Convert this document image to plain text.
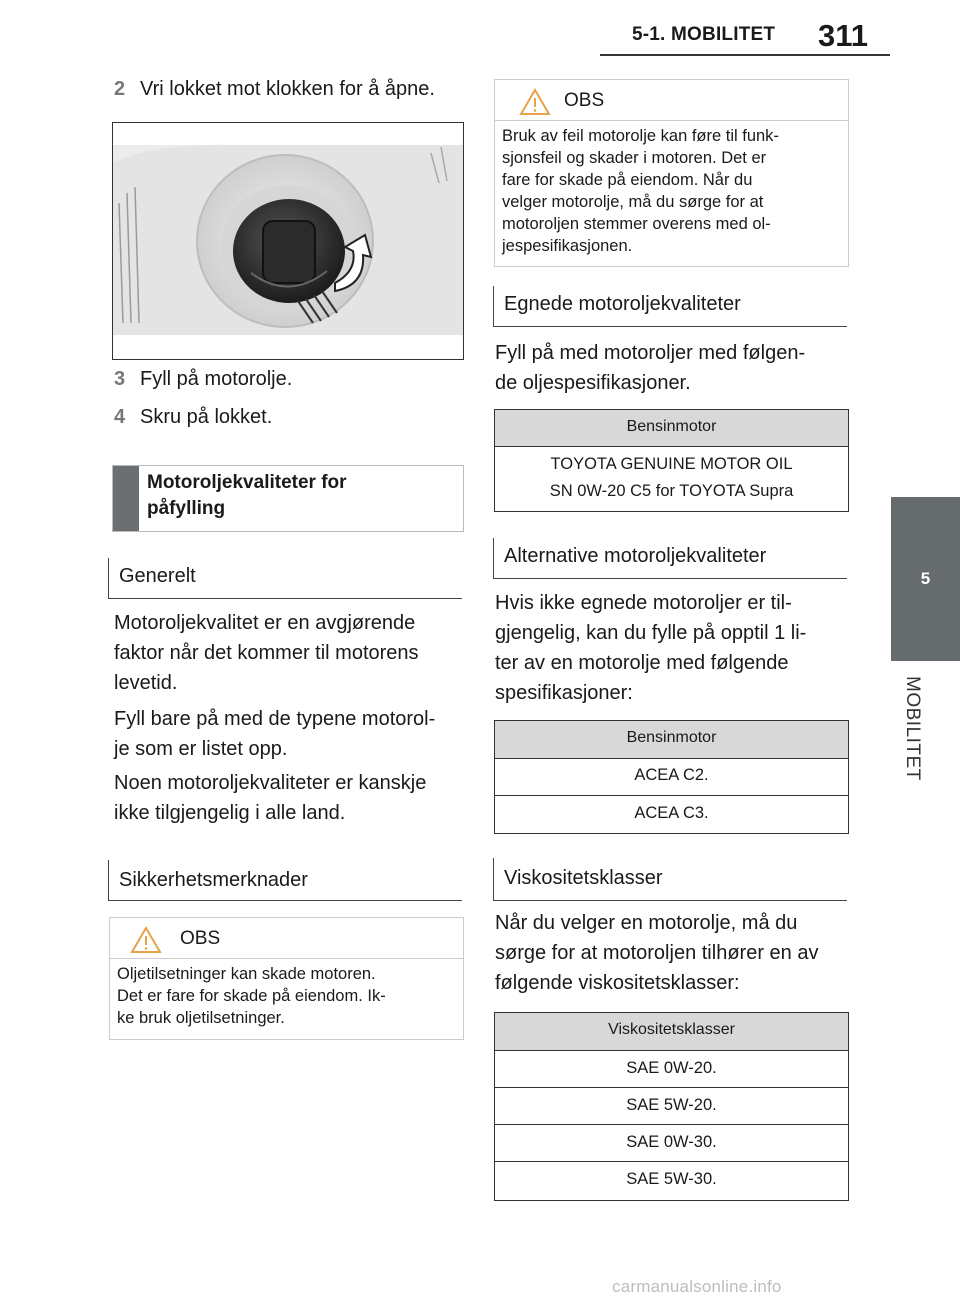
5-1. MOBILITET 311
5
MOBILITET
2 Vri lokket mot klokken for å åpne.
3 Fyll på motorolje.
4 Skru på lokket.
Motoroljekvaliteter for
påfylling
Generelt
Motoroljekvalitet er en avgjørende
faktor når det kommer til motorens
levetid.
Fyll bare på med de typene motorol-
je som er listet opp.
Noen motoroljekvaliteter er kanskje
ikke tilgjengelig i alle land.
Sikkerhetsmerknader
OBS
Oljetilsetninger kan skade motoren.
Det er fare for skade på eiendom. Ik-
ke bruk oljetilsetninger.
OBS
Bruk av feil motorolje kan føre til funk-
sjonsfeil og skader i motoren. Det er
fare for skade på eiendom. Når du
velger motorolje, må du sørge for at
motoroljen stemmer overens med ol-
jespesifikasjonen.
Egnede motoroljekvaliteter
Fyll på med motoroljer med følgen-
de oljespesifikasjoner.
Bensinmotor
TOYOTA GENUINE MOTOR OIL
SN 0W-20 C5 for TOYOTA Supra
Alternative motoroljekvaliteter
Hvis ikke egnede motoroljer er til-
gjengelig, kan du fylle på opptil 1 li-
ter av en motorolje med følgende
spesifikasjoner:
Bensinmotor
ACEA C2.
ACEA C3.
Viskositetsklasser
Når du velger en motorolje, må du
sørge for at motoroljen tilhører en av
følgende viskositetsklasser:
Viskositetsklasser
SAE 0W-20.
SAE 5W-20.
SAE 0W-30.
SAE 5W-30.
carmanualsonline.info
